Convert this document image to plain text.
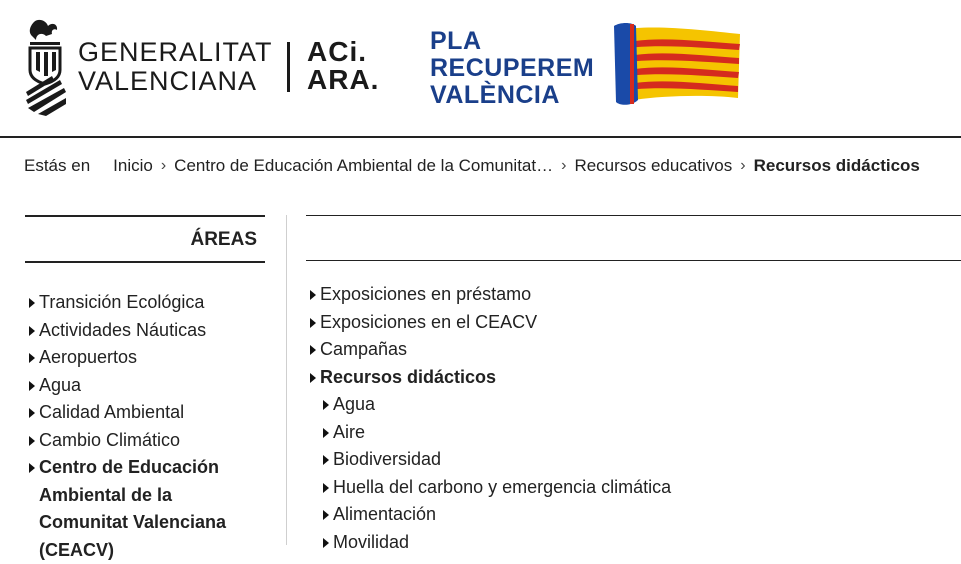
GENERALITAT
VALENCIANA
ACi.
ARA.
PLA
RECUPEREM
VALÈNCIA
Estás en Inicio › Centro de Educación Ambiental de la Comunitat… › Recursos educativos › Recursos didácticos
ÁREAS
Transición Ecológica
Actividades Náuticas
Aeropuertos
Agua
Calidad Ambiental
Cambio Climático
Centro de Educación Ambiental de la Comunitat Valenciana (CEACV)
Exposiciones en préstamo
Exposiciones en el CEACV
Campañas
Recursos didácticos
Agua
Aire
Biodiversidad
Huella del carbono y emergencia climática
Alimentación
Movilidad
